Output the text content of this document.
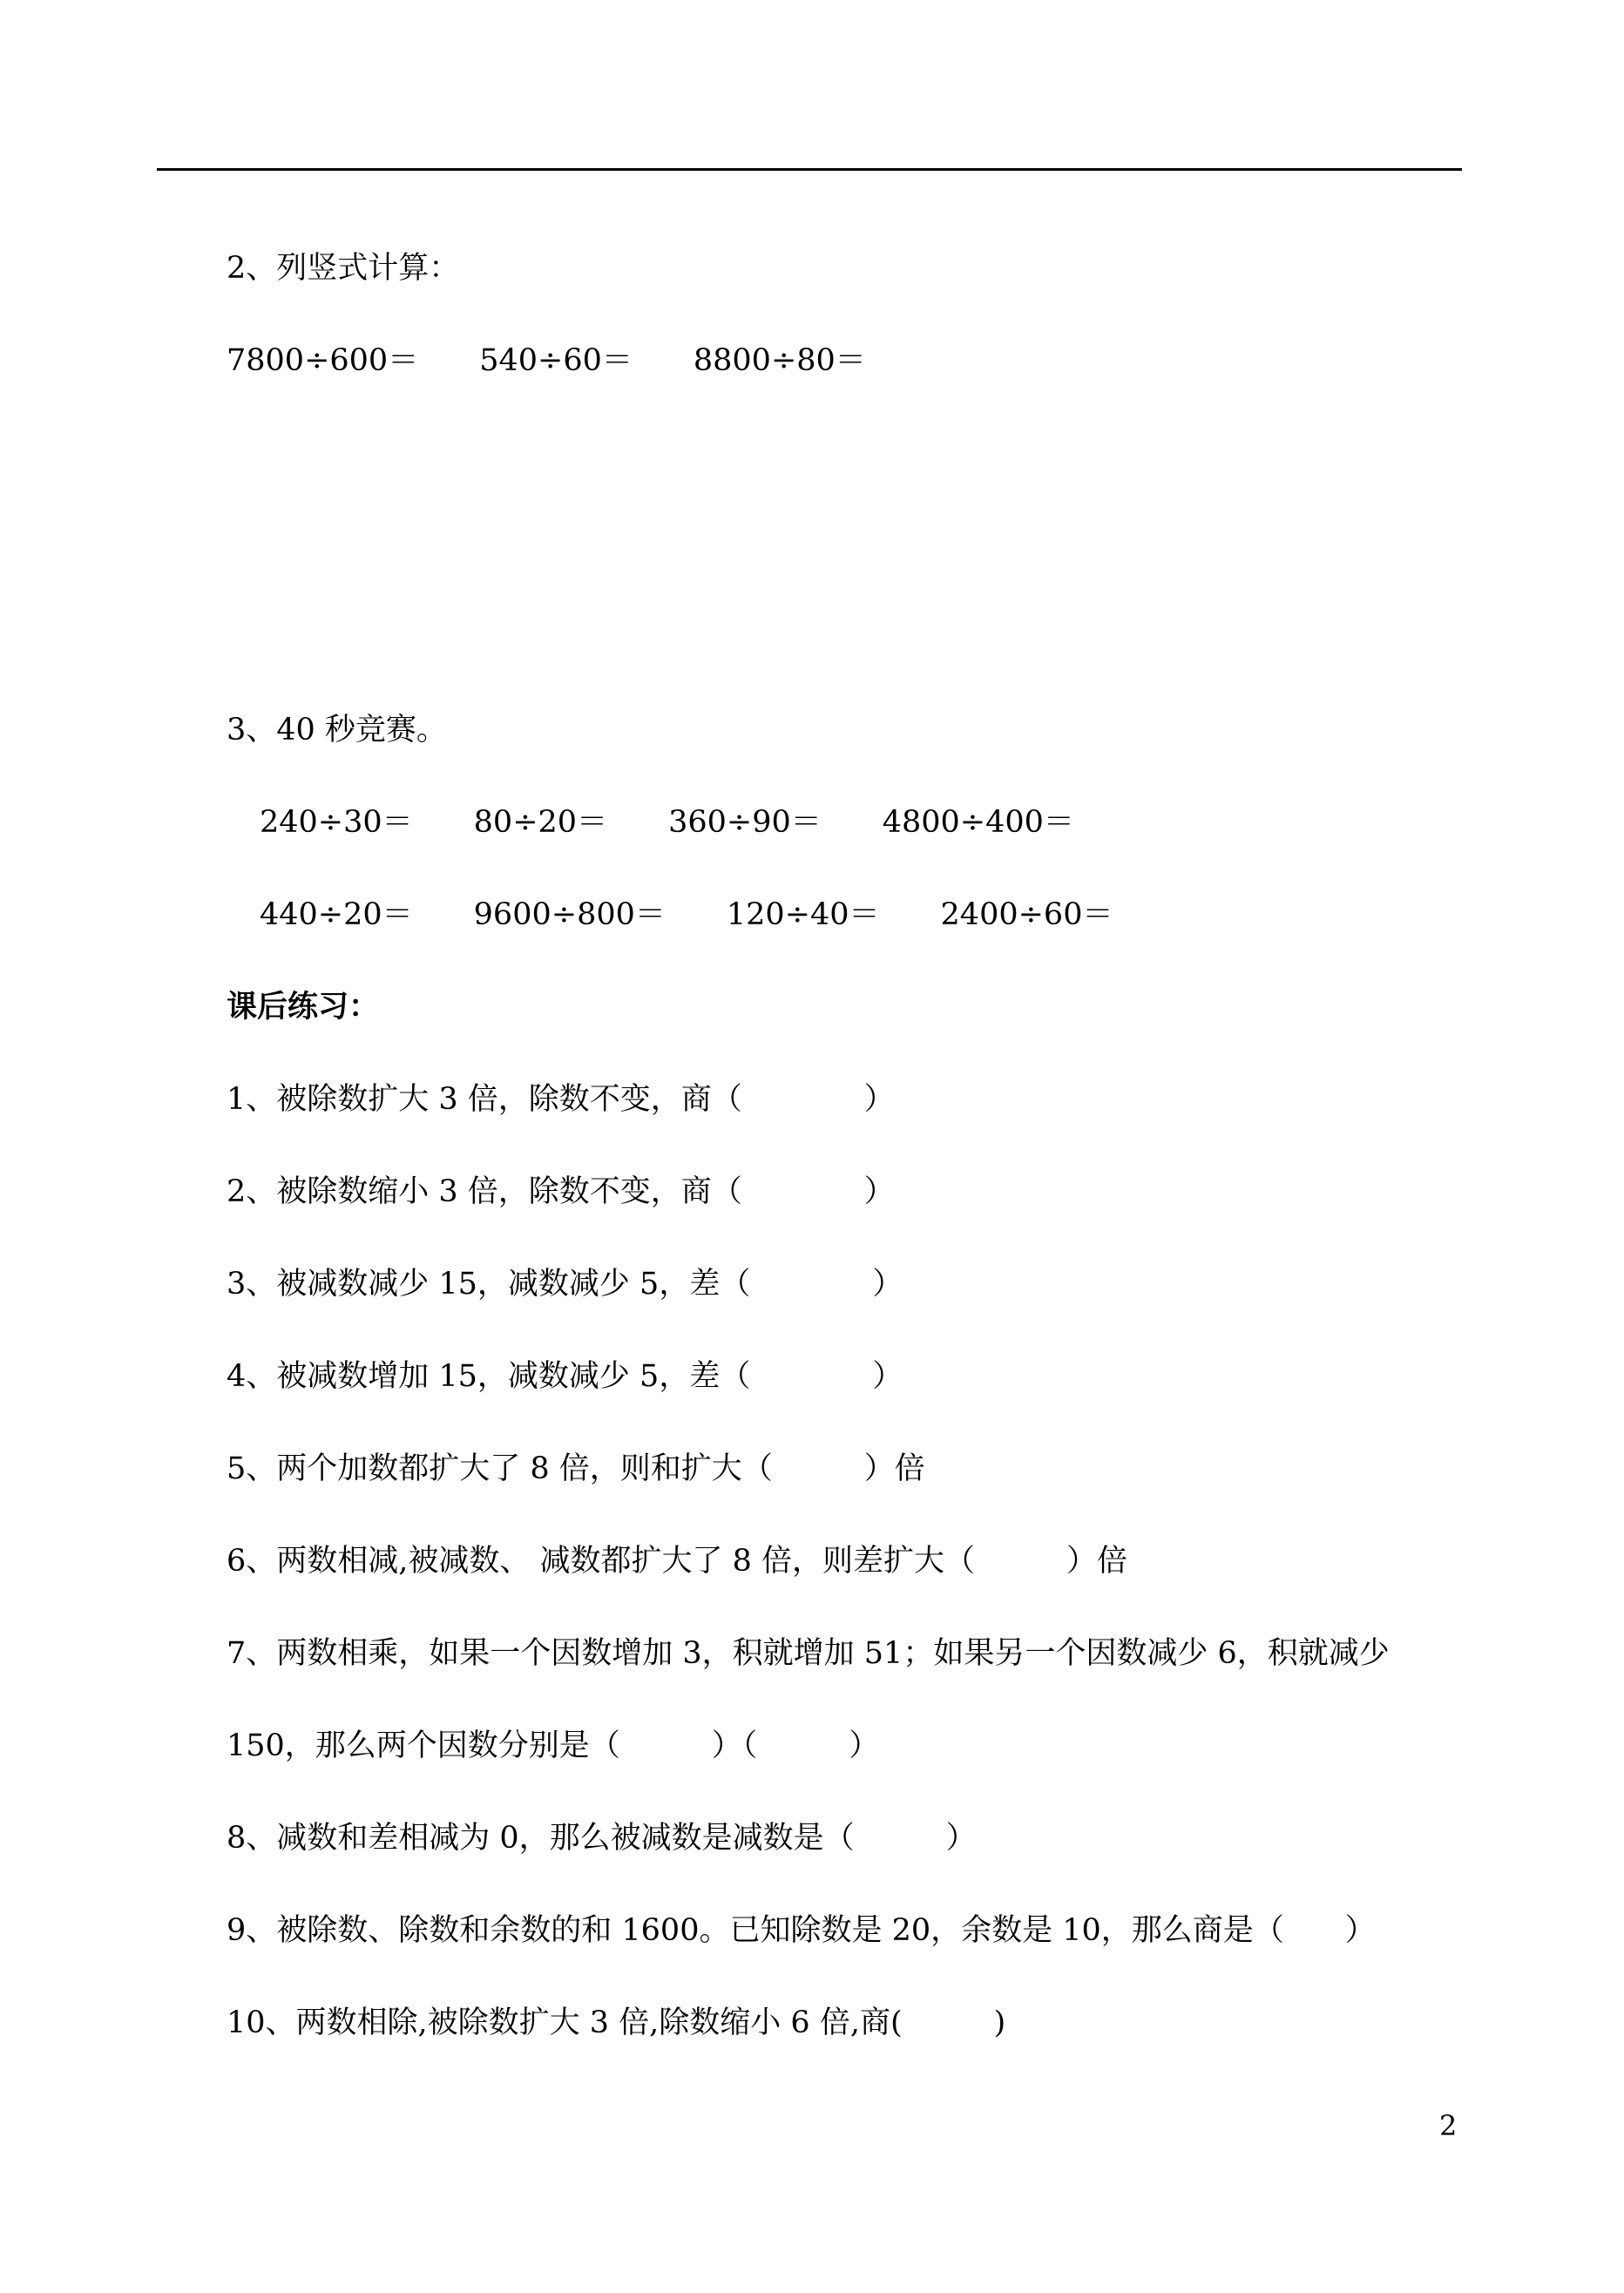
2、列竖式计算：
7800÷600＝　　540÷60＝　　8800÷80＝
3、40 秒竞赛。
240÷30＝　　80÷20＝　　360÷90＝　　4800÷400＝
440÷20＝　　9600÷800＝　　120÷40＝　　2400÷60＝
课后练习：
1、被除数扩大 3 倍，除数不变，商（　　　　）
2、被除数缩小 3 倍，除数不变，商（　　　　）
3、被减数减少 15，减数减少 5，差（　　　　）
4、被减数增加 15，减数减少 5，差（　　　　）
5、两个加数都扩大了 8 倍，则和扩大（　　　）倍
6、两数相减,被减数、 减数都扩大了 8 倍，则差扩大（　　　）倍
7、两数相乘，如果一个因数增加 3，积就增加 51；如果另一个因数减少 6，积就减少
150，那么两个因数分别是（　　　）（　　　）
8、减数和差相减为 0，那么被减数是减数是（　　　）
9、被除数、除数和余数的和 1600。已知除数是 20，余数是 10，那么商是（　　）
10、两数相除,被除数扩大 3 倍,除数缩小 6 倍,商(　　　)
2
